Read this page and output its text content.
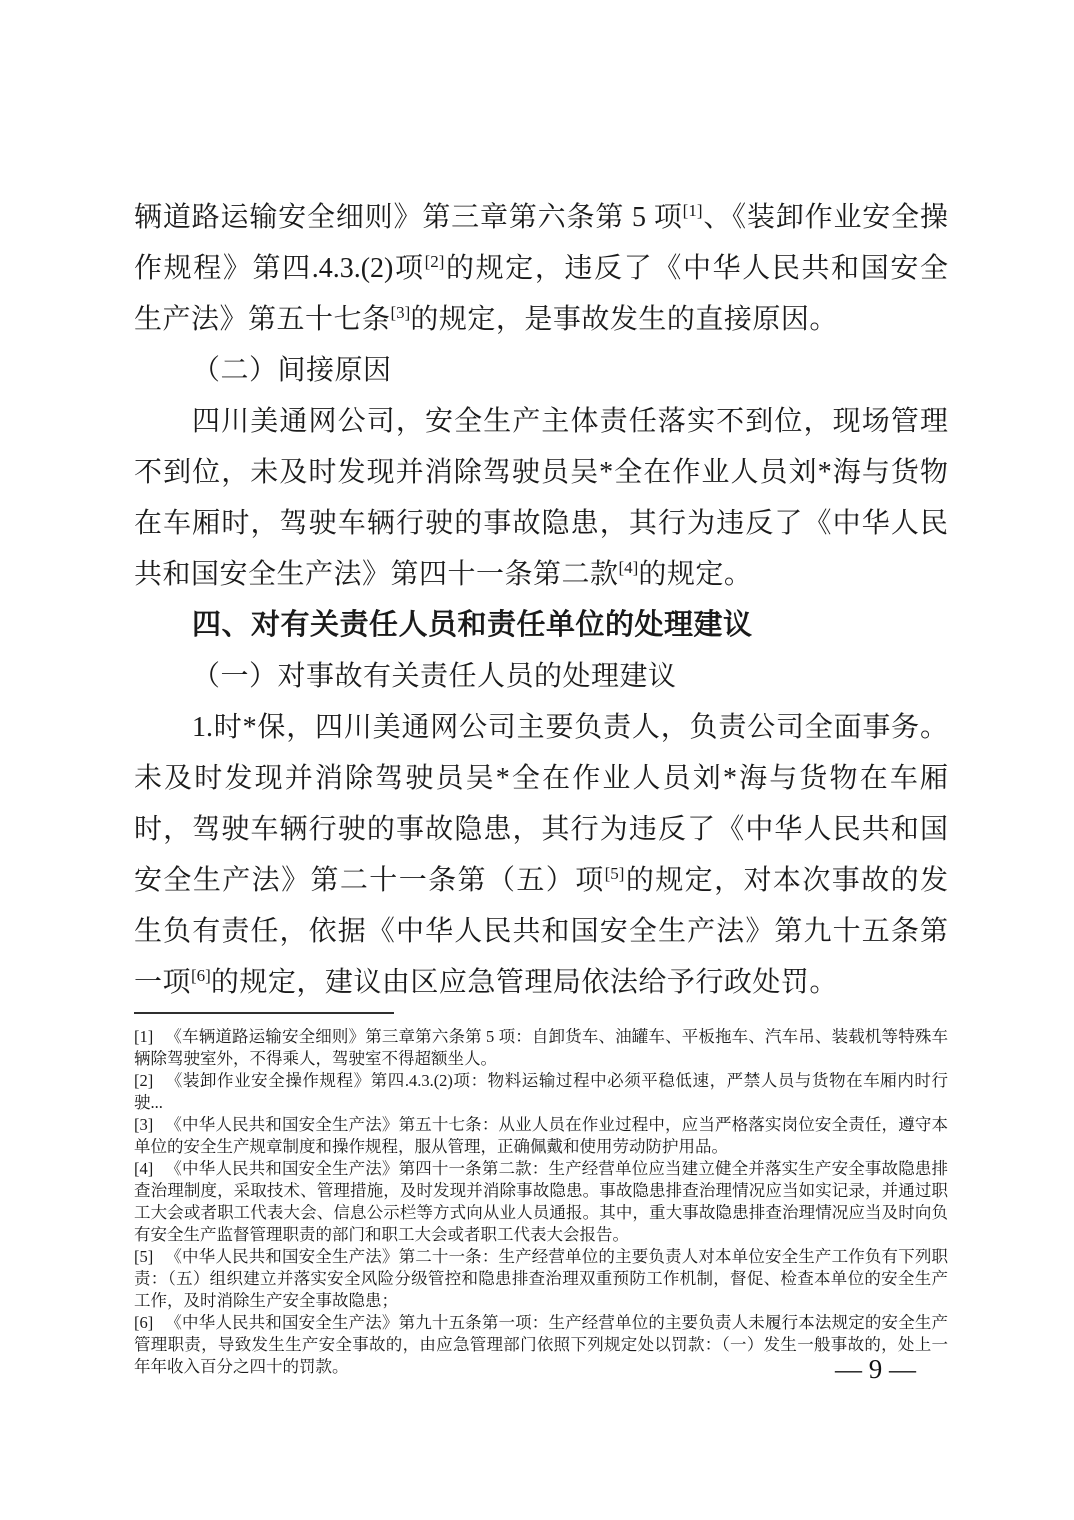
辆道路运输安全细则》第三章第六条第 5 项[1]、《装卸作业安全操
作规程》第四.4.3.(2)项[2]的规定，违反了《中华人民共和国安全
生产法》第五十七条[3]的规定，是事故发生的直接原因。
（二）间接原因
四川美通网公司，安全生产主体责任落实不到位，现场管理
不到位，未及时发现并消除驾驶员吴*全在作业人员刘*海与货物
在车厢时，驾驶车辆行驶的事故隐患，其行为违反了《中华人民
共和国安全生产法》第四十一条第二款[4]的规定。
四、对有关责任人员和责任单位的处理建议
（一）对事故有关责任人员的处理建议
1.时*保，四川美通网公司主要负责人，负责公司全面事务。
未及时发现并消除驾驶员吴*全在作业人员刘*海与货物在车厢
时，驾驶车辆行驶的事故隐患，其行为违反了《中华人民共和国
安全生产法》第二十一条第（五）项[5]的规定，对本次事故的发
生负有责任，依据《中华人民共和国安全生产法》第九十五条第
一项[6]的规定，建议由区应急管理局依法给予行政处罚。

[1] 《车辆道路运输安全细则》第三章第六条第 5 项：自卸货车、油罐车、平板拖车、汽车吊、装载机等特殊车辆除驾驶室外，不得乘人，驾驶室不得超额坐人。

[2] 《装卸作业安全操作规程》第四.4.3.(2)项：物料运输过程中必须平稳低速，严禁人员与货物在车厢内时行驶...

[3] 《中华人民共和国安全生产法》第五十七条：从业人员在作业过程中，应当严格落实岗位安全责任，遵守本单位的安全生产规章制度和操作规程，服从管理，正确佩戴和使用劳动防护用品。

[4] 《中华人民共和国安全生产法》第四十一条第二款：生产经营单位应当建立健全并落实生产安全事故隐患排查治理制度，采取技术、管理措施，及时发现并消除事故隐患。事故隐患排查治理情况应当如实记录，并通过职工大会或者职工代表大会、信息公示栏等方式向从业人员通报。其中，重大事故隐患排查治理情况应当及时向负有安全生产监督管理职责的部门和职工大会或者职工代表大会报告。

[5] 《中华人民共和国安全生产法》第二十一条：生产经营单位的主要负责人对本单位安全生产工作负有下列职责：（五）组织建立并落实安全风险分级管控和隐患排查治理双重预防工作机制，督促、检查本单位的安全生产工作，及时消除生产安全事故隐患；

[6] 《中华人民共和国安全生产法》第九十五条第一项：生产经营单位的主要负责人未履行本法规定的安全生产管理职责，导致发生生产安全事故的，由应急管理部门依照下列规定处以罚款：（一）发生一般事故的，处上一年年收入百分之四十的罚款。	— 9 —
